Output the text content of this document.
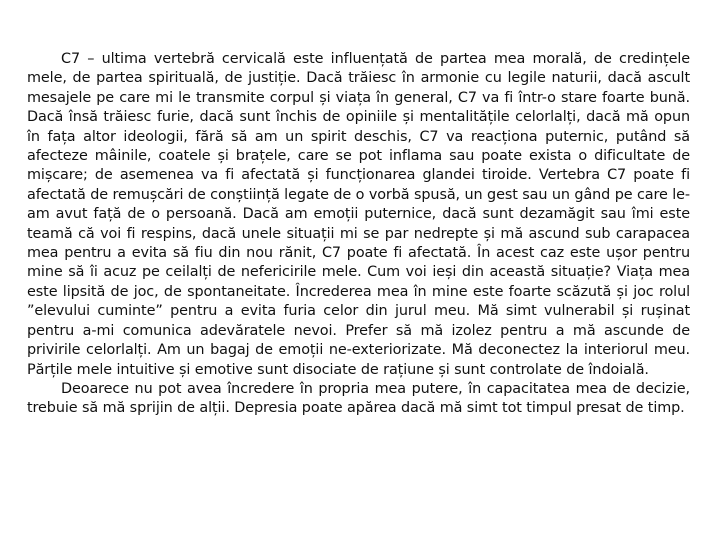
C7 – ultima vertebră cervicală este influențată de partea mea morală, de credințele mele, de partea spirituală, de justiție. Dacă trăiesc în armonie cu legile naturii, dacă ascult mesajele pe care mi le transmite corpul și viața în general, C7 va fi într-o stare foarte bună. Dacă însă trăiesc furie, dacă sunt închis de opiniile și mentalitățile celorlalți, dacă mă opun în fața altor ideologii, fără să am un spirit deschis, C7 va reacționa puternic, putând să afecteze mâinile, coatele și brațele, care se pot inflama sau poate exista o dificultate de mișcare; de asemenea va fi afectată și funcționarea glandei tiroide. Vertebra C7 poate fi afectată de remușcări de conștiință legate de o vorbă spusă, un gest sau un gând pe care le-am avut față de o persoană. Dacă am emoții puternice, dacă sunt dezamăgit sau îmi este teamă că voi fi respins, dacă unele situații mi se par nedrepte și mă ascund sub carapacea mea pentru a evita să fiu din nou rănit, C7 poate fi afectată. În acest caz este ușor pentru mine să îi acuz pe ceilalți de nefericirile mele. Cum voi ieși din această situație? Viața mea este lipsită de joc, de spontaneitate. Încrederea mea în mine este foarte scăzută și joc rolul ”elevului cuminte” pentru a evita furia celor din jurul meu. Mă simt vulnerabil și rușinat pentru a-mi comunica adevăratele nevoi. Prefer să mă izolez pentru a mă ascunde de privirile celorlalți. Am un bagaj de emoții ne-exteriorizate. Mă deconectez la interiorul meu. Părțile mele intuitive și emotive sunt disociate de rațiune și sunt controlate de îndoială.

Deoarece nu pot avea încredere în propria mea putere, în capacitatea mea de decizie, trebuie să mă sprijin de alții. Depresia poate apărea dacă mă simt tot timpul presat de timp.
